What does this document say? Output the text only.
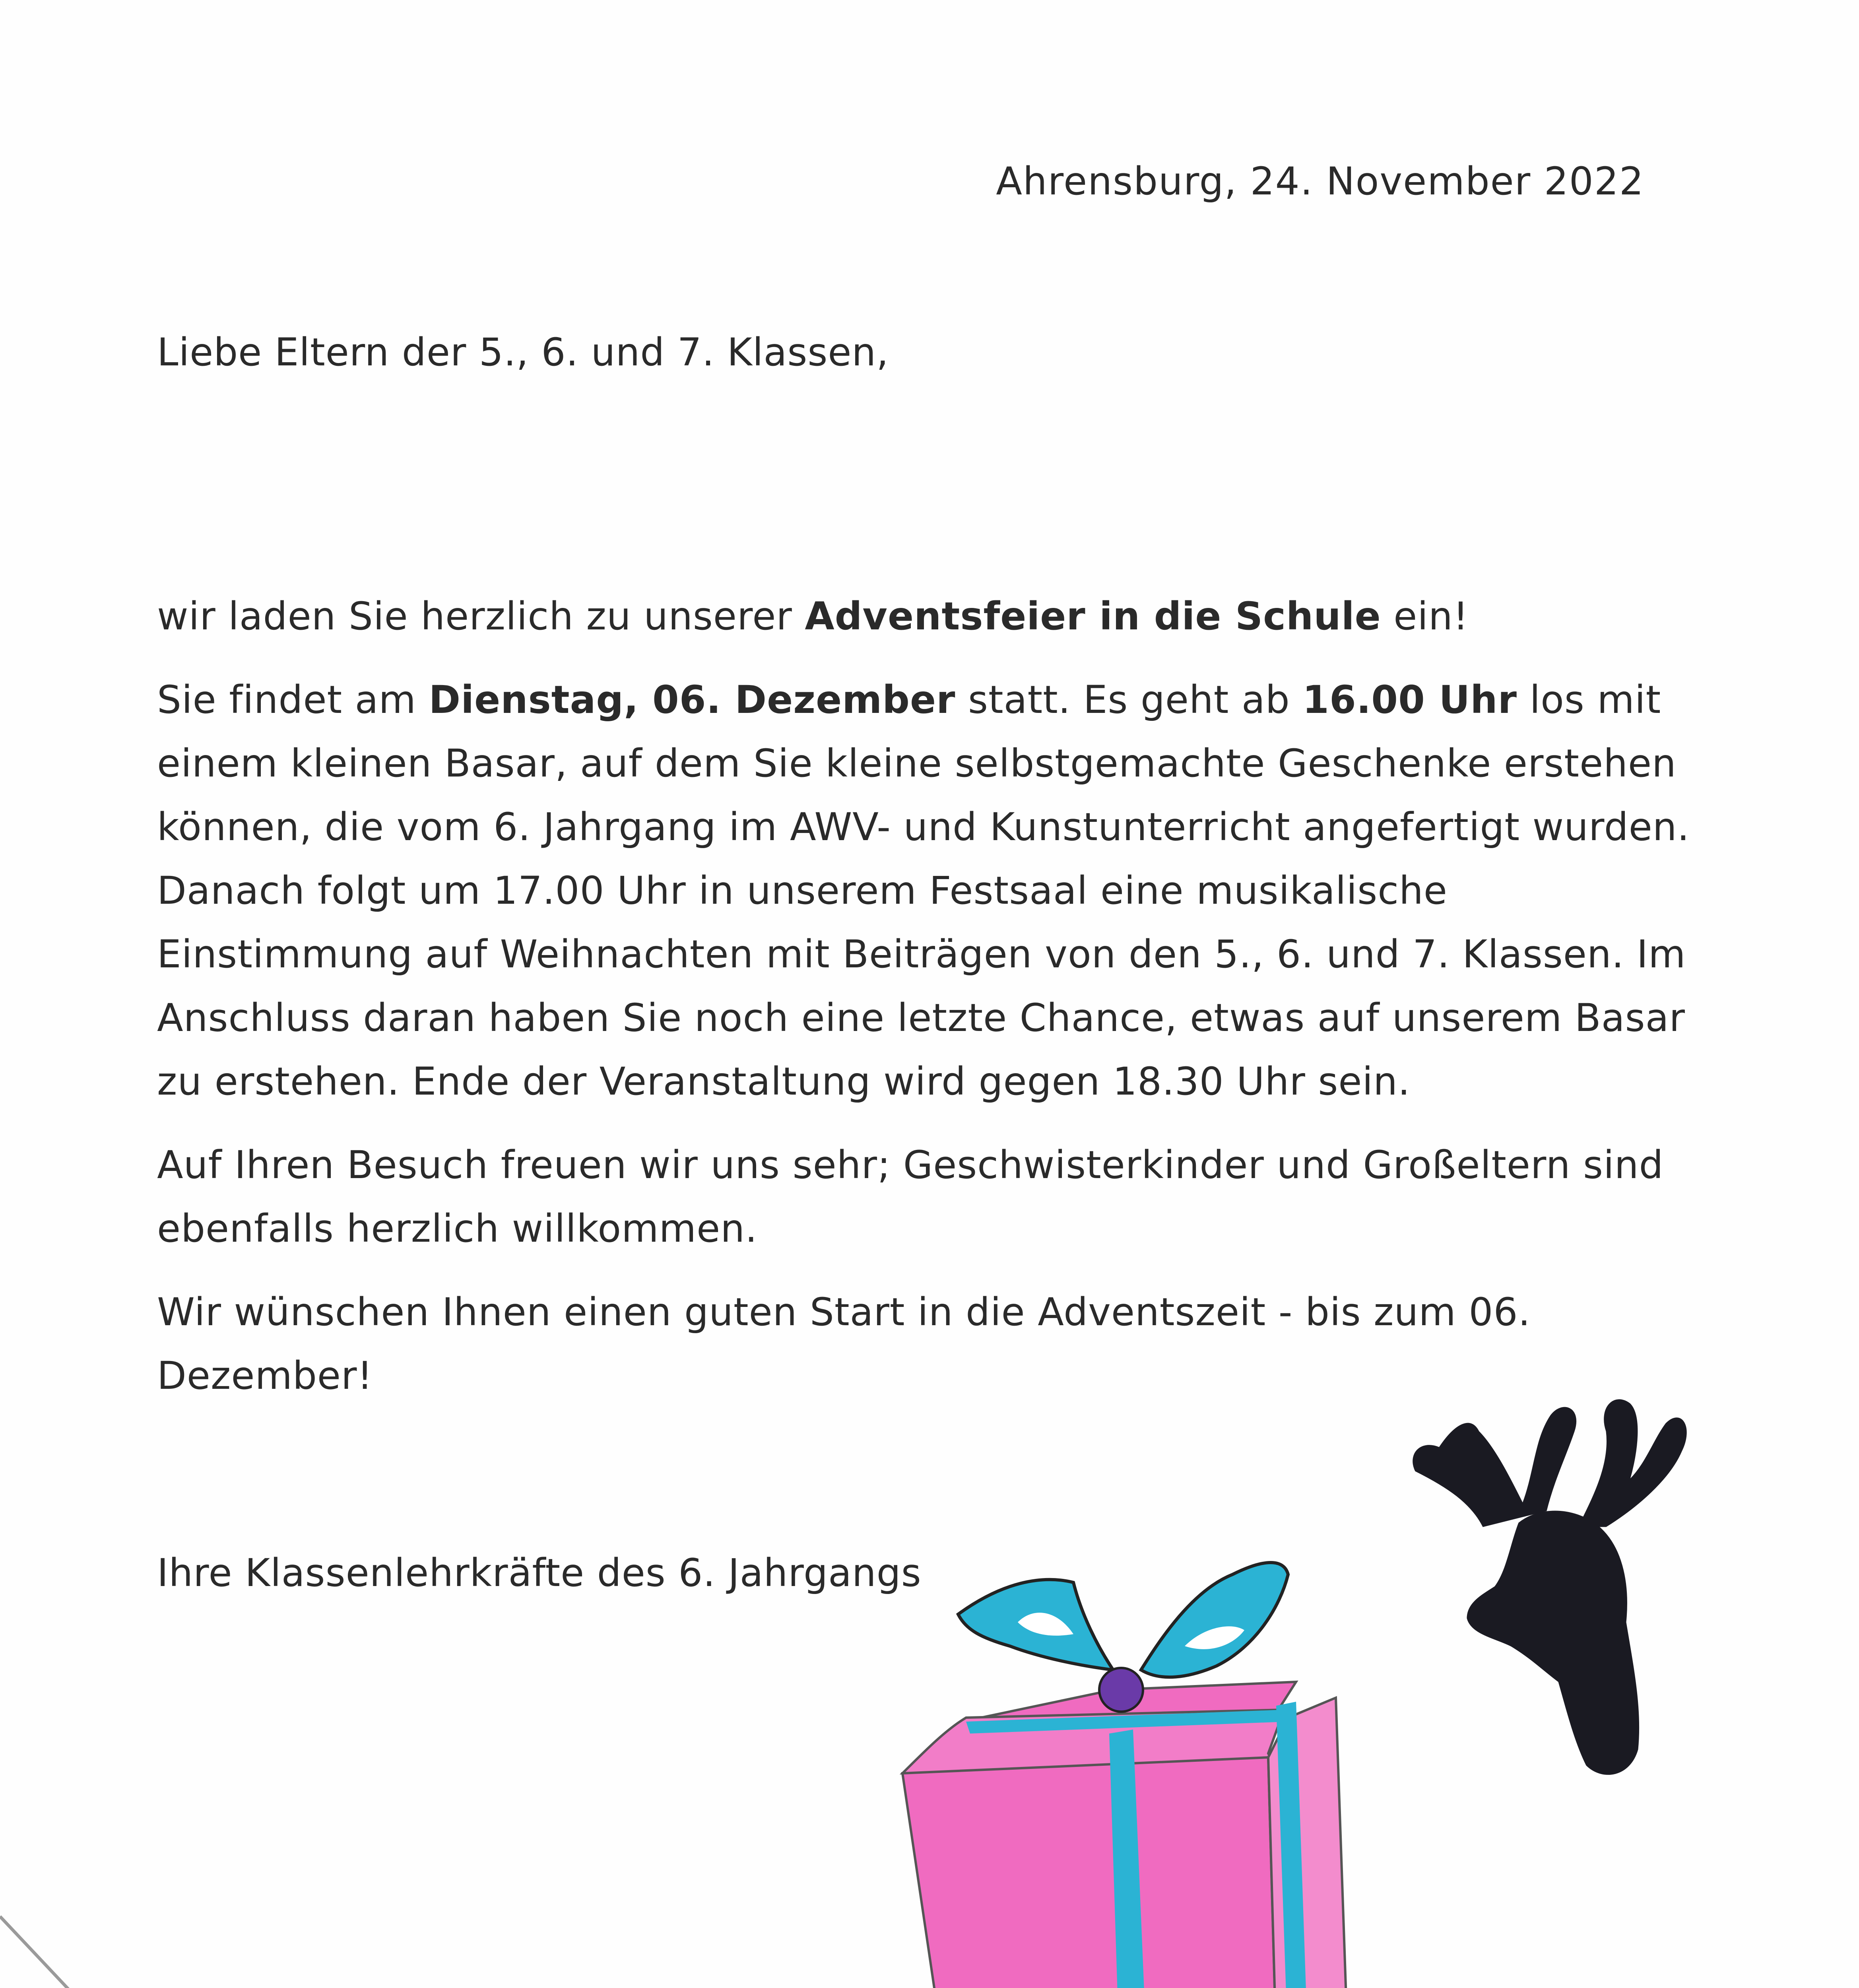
Ahrensburg, 24. November 2022
Liebe Eltern der 5., 6. und 7. Klassen,

wir laden Sie herzlich zu unserer Adventsfeier in die Schule ein!

Sie findet am Dienstag, 06. Dezember statt. Es geht ab 16.00 Uhr los mit einem kleinen Basar, auf dem Sie kleine selbstgemachte Geschenke erstehen können, die vom 6. Jahrgang im AWV- und Kunstunterricht angefertigt wurden. Danach folgt um 17.00 Uhr in unserem Festsaal eine musikalische Einstimmung auf Weihnachten mit Beiträgen von den 5., 6. und 7. Klassen. Im Anschluss daran haben Sie noch eine letzte Chance, etwas auf unserem Basar zu erstehen. Ende der Veranstaltung wird gegen 18.30 Uhr sein.

Auf Ihren Besuch freuen wir uns sehr; Geschwisterkinder und Großeltern sind ebenfalls herzlich willkommen.

Wir wünschen Ihnen einen guten Start in die Adventszeit - bis zum 06. Dezember!

Ihre Klassenlehrkräfte des 6. Jahrgangs
